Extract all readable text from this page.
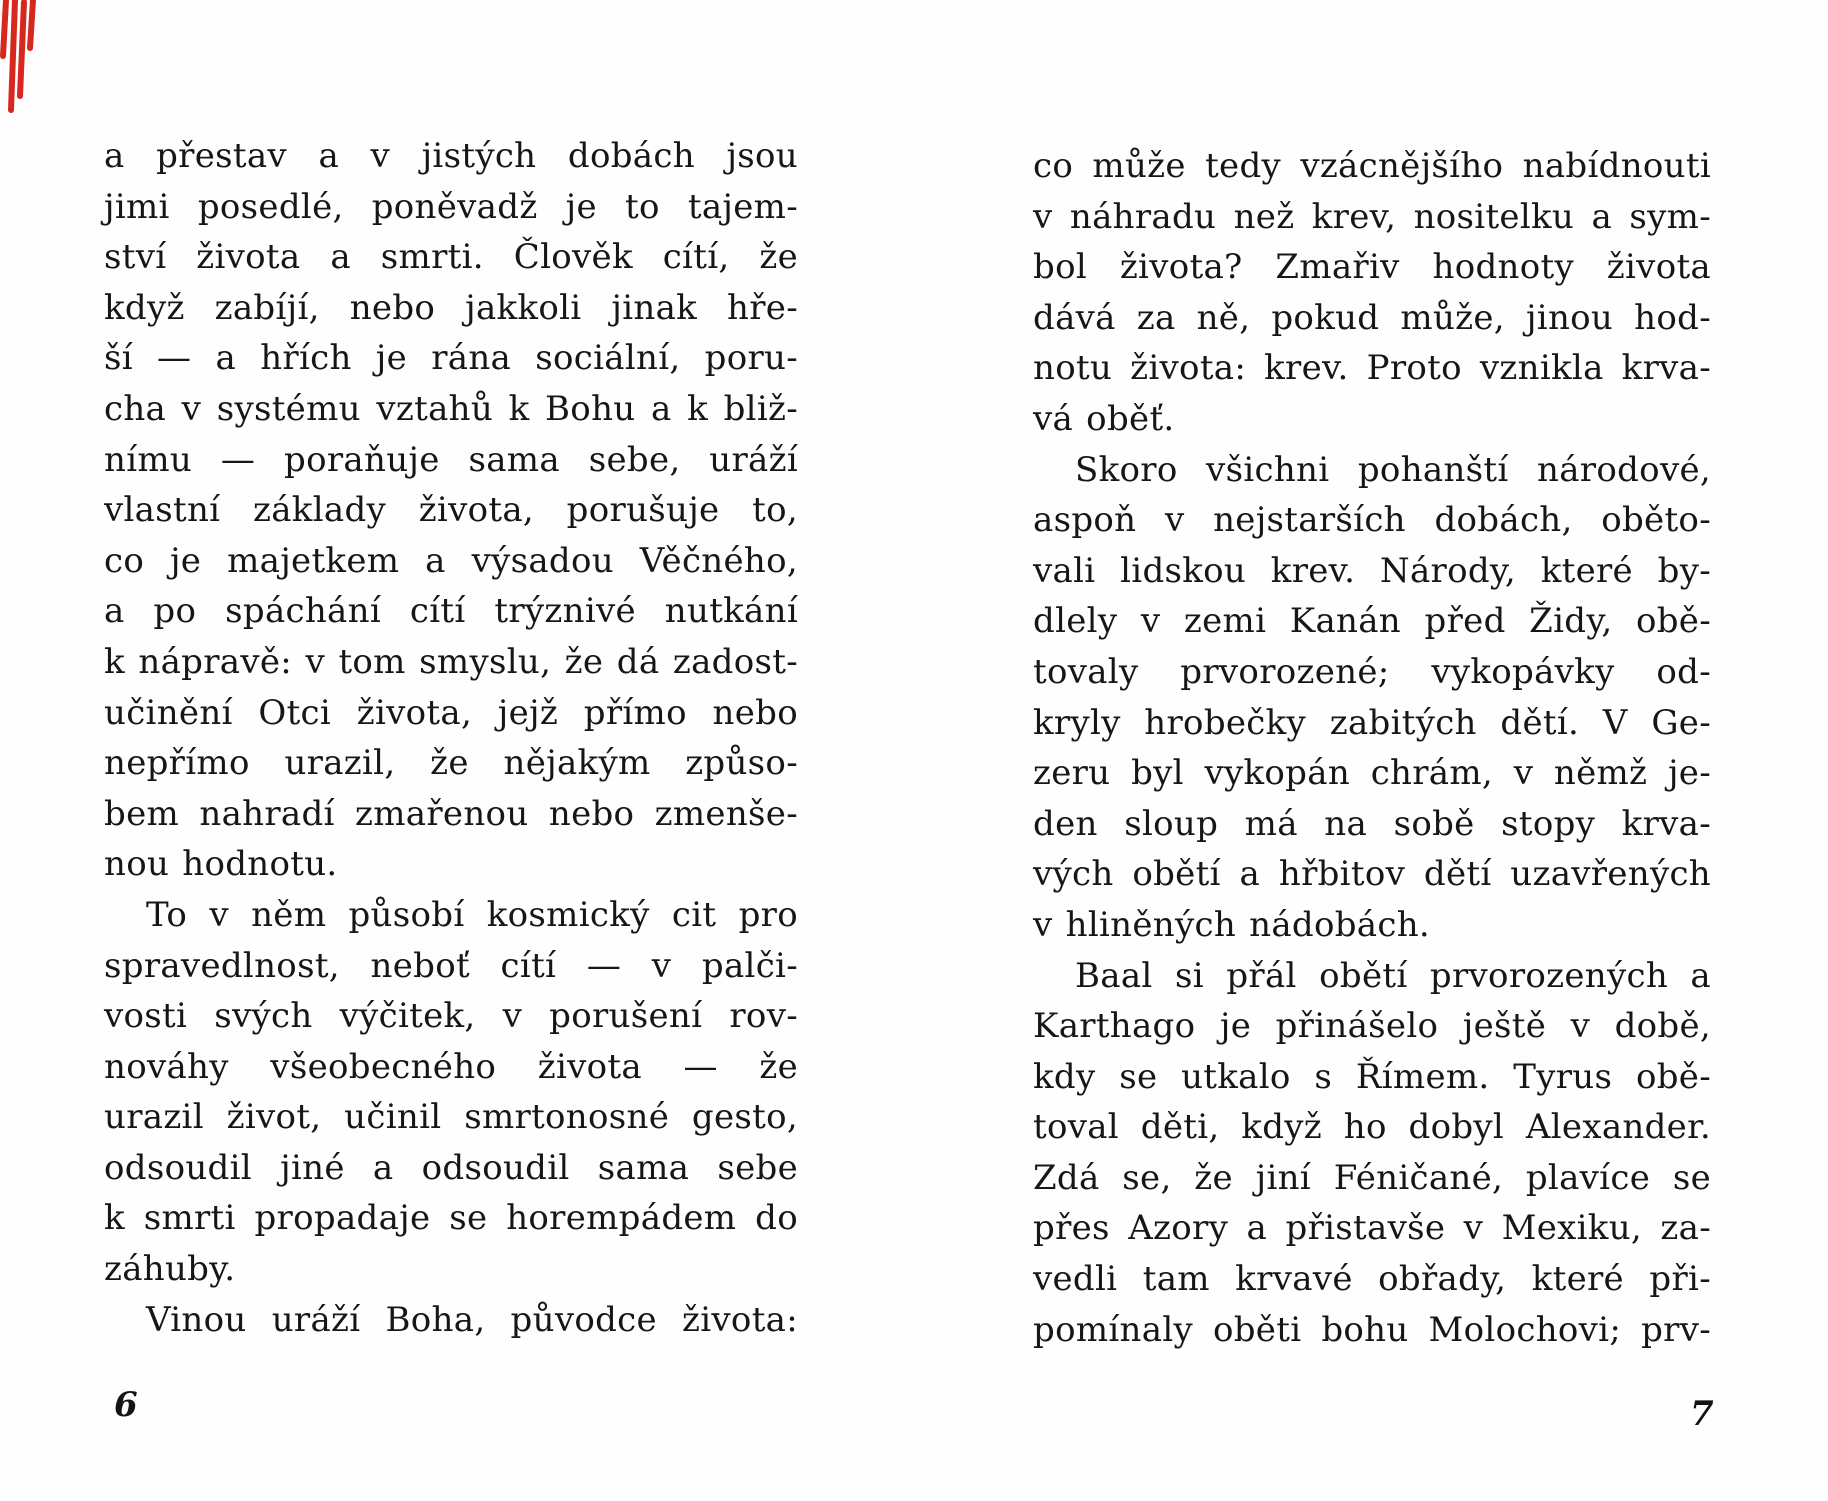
a přestav a v jistých dobách jsou
jimi posedlé, poněvadž je to tajem-
ství života a smrti. Člověk cítí, že
když zabíjí, nebo jakkoli jinak hře-
ší — a hřích je rána sociální, poru-
cha v systému vztahů k Bohu a k bliž-
nímu — poraňuje sama sebe, uráží
vlastní základy života, porušuje to,
co je majetkem a výsadou Věčného,
a po spáchání cítí trýznivé nutkání
k nápravě: v tom smyslu, že dá zadost-
učinění Otci života, jejž přímo nebo
nepřímo urazil, že nějakým způso-
bem nahradí zmařenou nebo zmenše-
nou hodnotu.
To v něm působí kosmický cit pro
spravedlnost, neboť cítí — v palči-
vosti svých výčitek, v porušení rov-
nováhy všeobecného života — že
urazil život, učinil smrtonosné gesto,
odsoudil jiné a odsoudil sama sebe
k smrti propadaje se horempádem do
záhuby.
Vinou uráží Boha, původce života:
6
co může tedy vzácnějšího nabídnouti
v náhradu než krev, nositelku a sym-
bol života? Zmařiv hodnoty života
dává za ně, pokud může, jinou hod-
notu života: krev. Proto vznikla krva-
vá oběť.
Skoro všichni pohanští národové,
aspoň v nejstarších dobách, oběto-
vali lidskou krev. Národy, které by-
dlely v zemi Kanán před Židy, obě-
tovaly prvorozené; vykopávky od-
kryly hrobečky zabitých dětí. V Ge-
zeru byl vykopán chrám, v němž je-
den sloup má na sobě stopy krva-
vých obětí a hřbitov dětí uzavřených
v hliněných nádobách.
Baal si přál obětí prvorozených a
Karthago je přinášelo ještě v době,
kdy se utkalo s Římem. Tyrus obě-
toval děti, když ho dobyl Alexander.
Zdá se, že jiní Féničané, plavíce se
přes Azory a přistavše v Mexiku, za-
vedli tam krvavé obřady, které při-
pomínaly oběti bohu Molochovi; prv-
7
